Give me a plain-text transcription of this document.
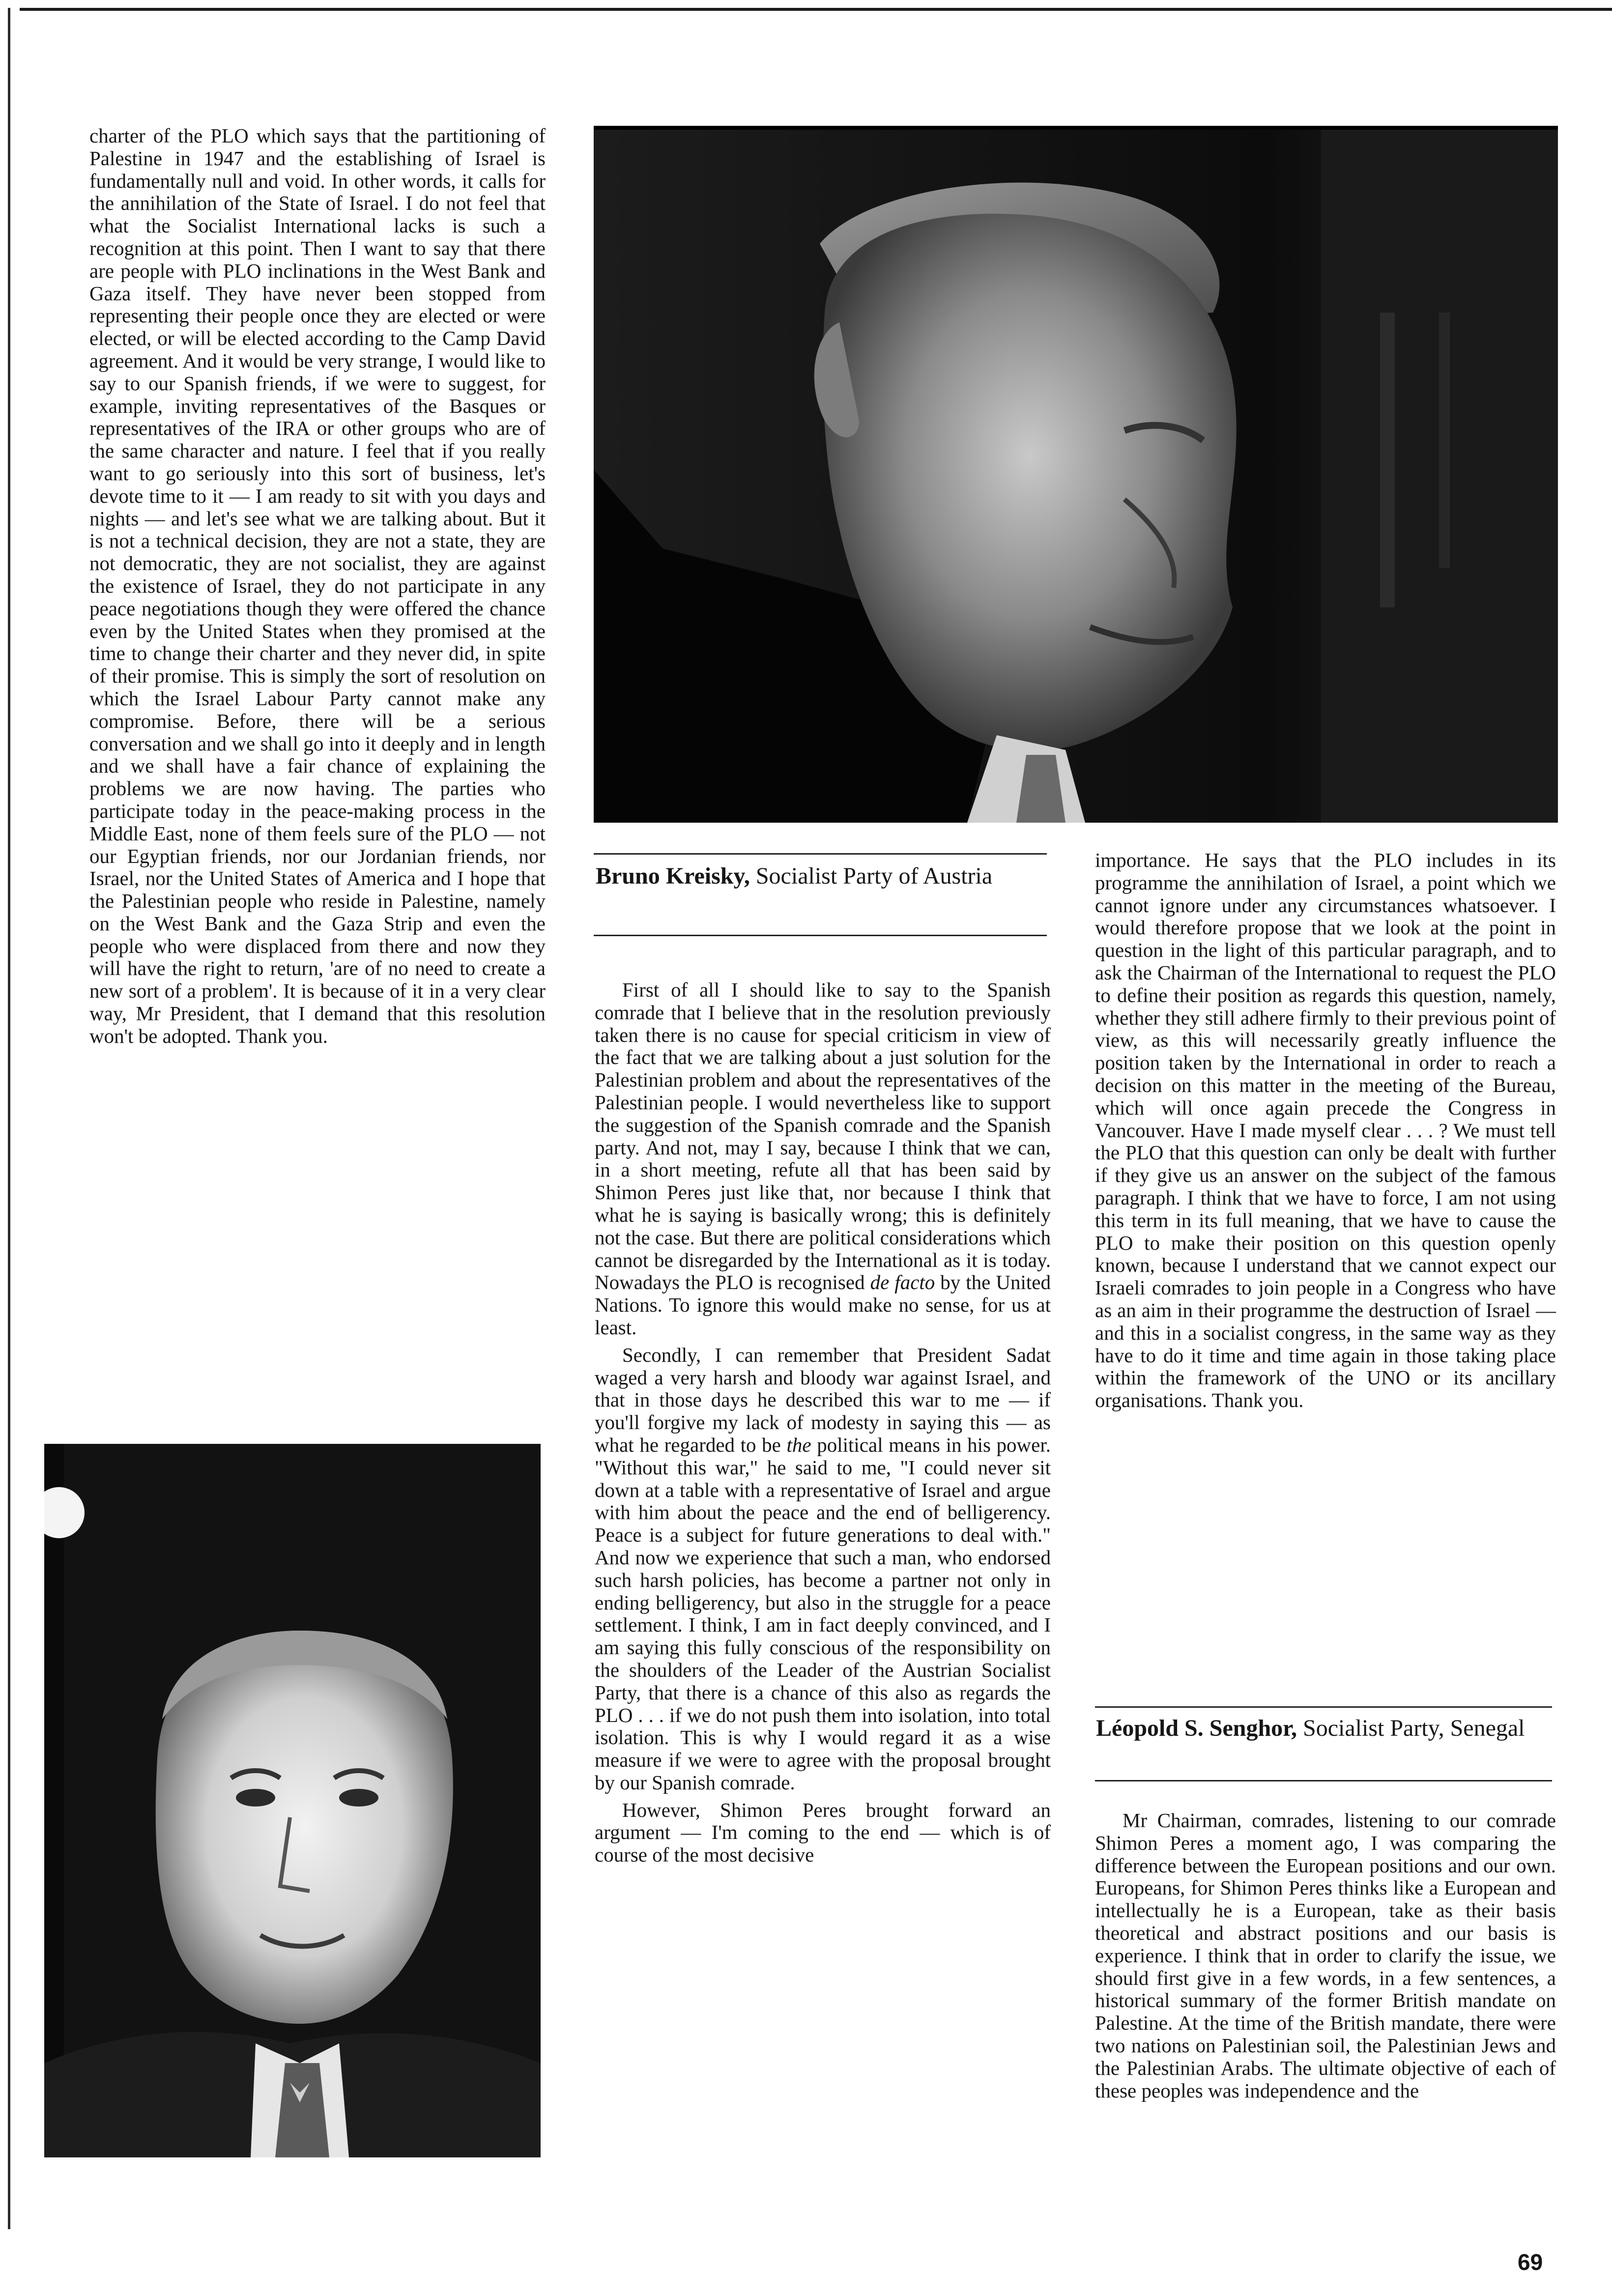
charter of the PLO which says that the partitioning of Palestine in 1947 and the establishing of Israel is fundamentally null and void. In other words, it calls for the annihilation of the State of Israel. I do not feel that what the Socialist International lacks is such a recognition at this point. Then I want to say that there are people with PLO inclinations in the West Bank and Gaza itself. They have never been stopped from representing their people once they are elected or were elected, or will be elected according to the Camp David agreement. And it would be very strange, I would like to say to our Spanish friends, if we were to suggest, for example, inviting representatives of the Basques or representatives of the IRA or other groups who are of the same character and nature. I feel that if you really want to go seriously into this sort of business, let's devote time to it — I am ready to sit with you days and nights — and let's see what we are talking about. But it is not a technical decision, they are not a state, they are not democratic, they are not socialist, they are against the existence of Israel, they do not participate in any peace negotiations though they were offered the chance even by the United States when they promised at the time to change their charter and they never did, in spite of their promise. This is simply the sort of resolution on which the Israel Labour Party cannot make any compromise. Before, there will be a serious conversation and we shall go into it deeply and in length and we shall have a fair chance of explaining the problems we are now having. The parties who participate today in the peace-making process in the Middle East, none of them feels sure of the PLO — not our Egyptian friends, nor our Jordanian friends, nor Israel, nor the United States of America and I hope that the Palestinian people who reside in Palestine, namely on the West Bank and the Gaza Strip and even the people who were displaced from there and now they will have the right to return, 'are of no need to create a new sort of a problem'. It is because of it in a very clear way, Mr President, that I demand that this resolution won't be adopted. Thank you.

Bruno Kreisky, Socialist Party of Austria

First of all I should like to say to the Spanish comrade that I believe that in the resolution previously taken there is no cause for special criticism in view of the fact that we are talking about a just solution for the Palestinian problem and about the representatives of the Palestinian people. I would nevertheless like to support the suggestion of the Spanish comrade and the Spanish party. And not, may I say, because I think that we can, in a short meeting, refute all that has been said by Shimon Peres just like that, nor because I think that what he is saying is basically wrong; this is definitely not the case. But there are political considerations which cannot be disregarded by the International as it is today. Nowadays the PLO is recognised de facto by the United Nations. To ignore this would make no sense, for us at least.

Secondly, I can remember that President Sadat waged a very harsh and bloody war against Israel, and that in those days he described this war to me — if you'll forgive my lack of modesty in saying this — as what he regarded to be the political means in his power. "Without this war," he said to me, "I could never sit down at a table with a representative of Israel and argue with him about the peace and the end of belligerency. Peace is a subject for future generations to deal with." And now we experience that such a man, who endorsed such harsh policies, has become a partner not only in ending belligerency, but also in the struggle for a peace settlement. I think, I am in fact deeply convinced, and I am saying this fully conscious of the responsibility on the shoulders of the Leader of the Austrian Socialist Party, that there is a chance of this also as regards the PLO . . . if we do not push them into isolation, into total isolation. This is why I would regard it as a wise measure if we were to agree with the proposal brought by our Spanish comrade.

However, Shimon Peres brought forward an argument — I'm coming to the end — which is of course of the most decisive

importance. He says that the PLO includes in its programme the annihilation of Israel, a point which we cannot ignore under any circumstances whatsoever. I would therefore propose that we look at the point in question in the light of this particular paragraph, and to ask the Chairman of the International to request the PLO to define their position as regards this question, namely, whether they still adhere firmly to their previous point of view, as this will necessarily greatly influence the position taken by the International in order to reach a decision on this matter in the meeting of the Bureau, which will once again precede the Congress in Vancouver. Have I made myself clear . . . ? We must tell the PLO that this question can only be dealt with further if they give us an answer on the subject of the famous paragraph. I think that we have to force, I am not using this term in its full meaning, that we have to cause the PLO to make their position on this question openly known, because I understand that we cannot expect our Israeli comrades to join people in a Congress who have as an aim in their programme the destruction of Israel — and this in a socialist congress, in the same way as they have to do it time and time again in those taking place within the framework of the UNO or its ancillary organisations. Thank you.

Léopold S. Senghor, Socialist Party, Senegal

Mr Chairman, comrades, listening to our comrade Shimon Peres a moment ago, I was comparing the difference between the European positions and our own. Europeans, for Shimon Peres thinks like a European and intellectually he is a European, take as their basis theoretical and abstract positions and our basis is experience. I think that in order to clarify the issue, we should first give in a few words, in a few sentences, a historical summary of the former British mandate on Palestine. At the time of the British mandate, there were two nations on Palestinian soil, the Palestinian Jews and the Palestinian Arabs. The ultimate objective of each of these peoples was independence and the

69
